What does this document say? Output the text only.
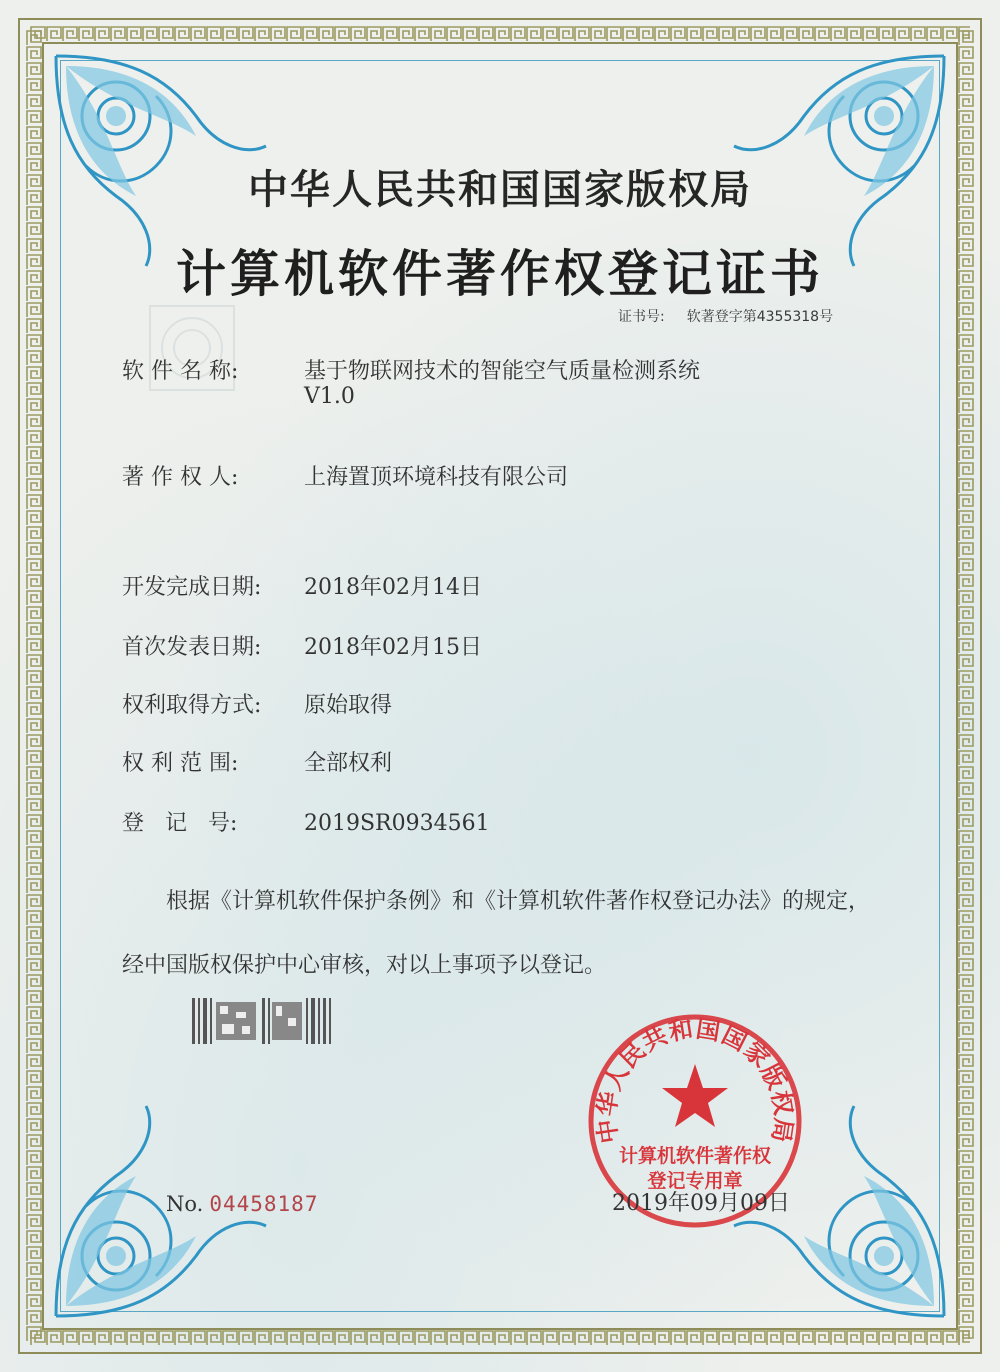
中华人民共和国国家版权局
计算机软件著作权登记证书
证书号: 软著登字第4355318号
软 件 名 称:	基于物联网技术的智能空气质量检测系统
V1.0
著 作 权 人:	上海置顶环境科技有限公司
开发完成日期: 2018年02月14日
首次发表日期: 2018年02月15日
权利取得方式: 原始取得
权 利 范 围:	全部权利
登   记   号:	2019SR0934561
根据《计算机软件保护条例》和《计算机软件著作权登记办法》的规定，经中国版权保护中心审核，对以上事项予以登记。
中华人民共和国国家版权局
计算机软件著作权
登记专用章
No. 04458187	2019年09月09日
